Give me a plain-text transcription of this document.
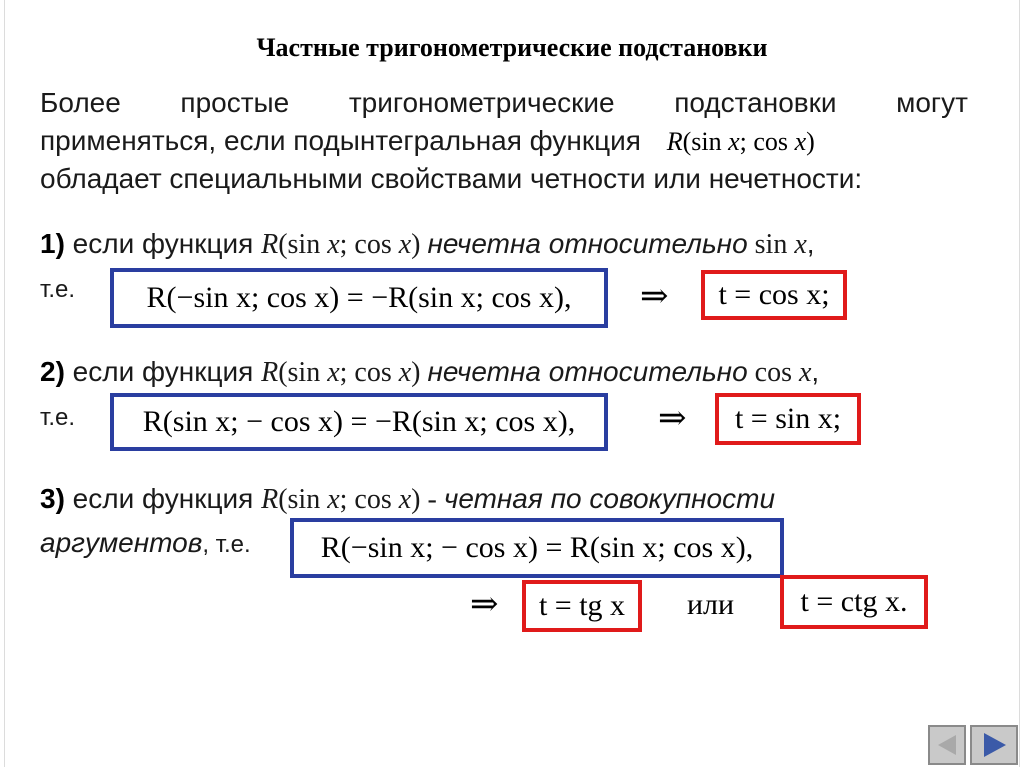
Частные тригонометрические подстановки
Более простые тригонометрические подстановки могут
применяться, если подынтегральная функция R(sin x; cos x)
обладает специальными свойствами четности или нечетности:
1) если функция R(sin x; cos x) нечетна относительно sin x,
т.е. R(−sin x; cos x) = −R(sin x; cos x), ⇒ t = cos x;
2) если функция R(sin x; cos x) нечетна относительно cos x,
т.е. R(sin x; − cos x) = −R(sin x; cos x), ⇒ t = sin x;
3) если функция R(sin x; cos x) - четная по совокупности
аргументов, т.е. R(−sin x; − cos x) = R(sin x; cos x),
⇒ t = tg x или t = ctg x.
